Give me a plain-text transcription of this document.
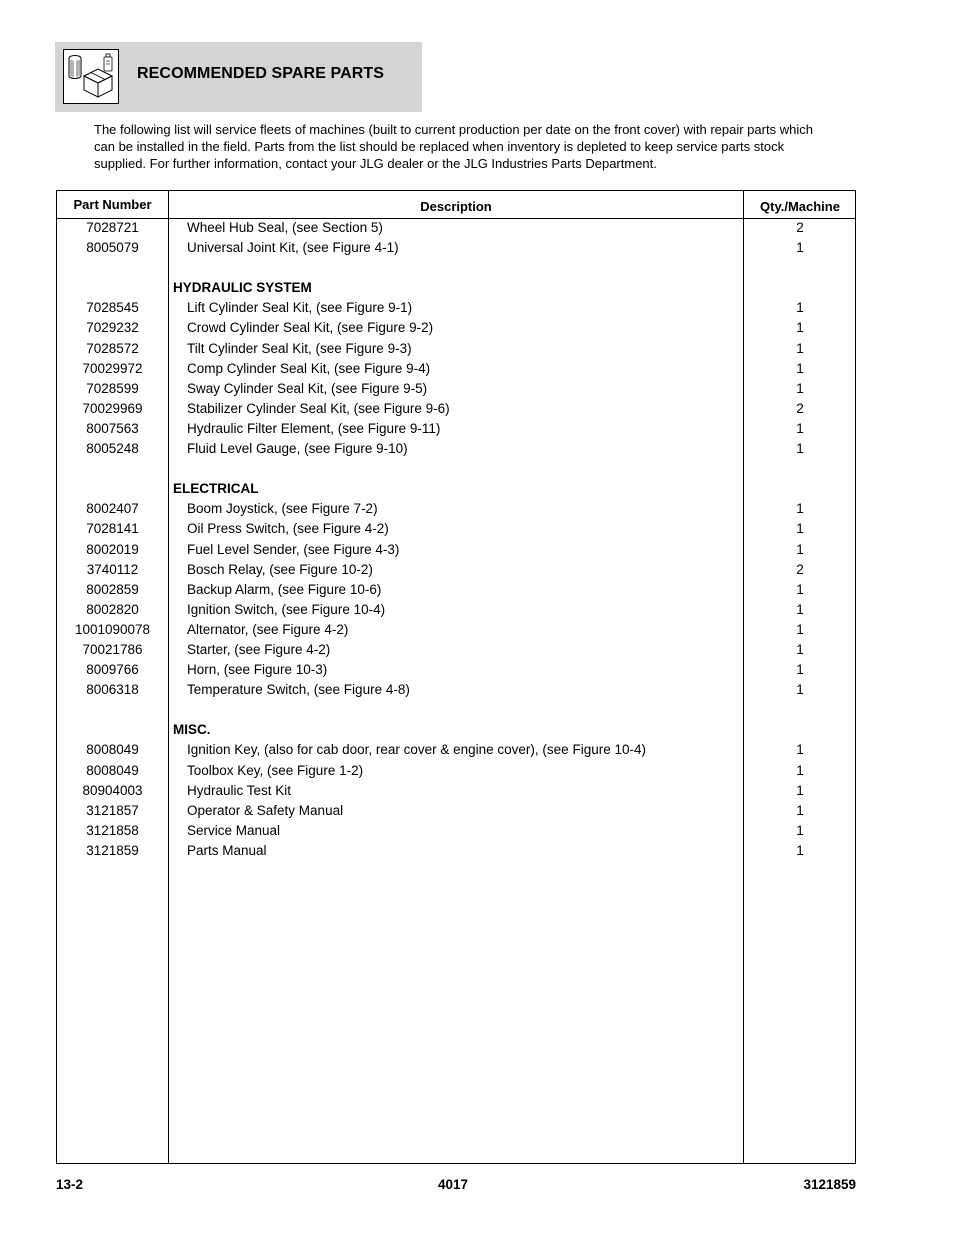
RECOMMENDED SPARE PARTS
The following list will service fleets of machines (built to current production per date on the front cover) with repair parts which can be installed in the field. Parts from the list should be replaced when inventory is depleted to keep service parts stock supplied. For further information, contact your JLG dealer or the JLG Industries Parts Department.
Part Number	Description	Qty./Machine
7028721	Wheel Hub Seal, (see Section 5)	2
8005079	Universal Joint Kit, (see Figure 4-1)	1
HYDRAULIC SYSTEM
7028545	Lift Cylinder Seal Kit, (see Figure 9-1)	1
7029232	Crowd Cylinder Seal Kit, (see Figure 9-2)	1
7028572	Tilt Cylinder Seal Kit, (see Figure 9-3)	1
70029972	Comp Cylinder Seal Kit, (see Figure 9-4)	1
7028599	Sway Cylinder Seal Kit, (see Figure 9-5)	1
70029969	Stabilizer Cylinder Seal Kit, (see Figure 9-6)	2
8007563	Hydraulic Filter Element, (see Figure 9-11)	1
8005248	Fluid Level Gauge, (see Figure 9-10)	1
ELECTRICAL
8002407	Boom Joystick, (see Figure 7-2)	1
7028141	Oil Press Switch, (see Figure 4-2)	1
8002019	Fuel Level Sender, (see Figure 4-3)	1
3740112	Bosch Relay, (see Figure 10-2)	2
8002859	Backup Alarm, (see Figure 10-6)	1
8002820	Ignition Switch, (see Figure 10-4)	1
1001090078	Alternator, (see Figure 4-2)	1
70021786	Starter, (see Figure 4-2)	1
8009766	Horn, (see Figure 10-3)	1
8006318	Temperature Switch, (see Figure 4-8)	1
MISC.
8008049	Ignition Key, (also for cab door, rear cover & engine cover), (see Figure 10-4)	1
8008049	Toolbox Key, (see Figure 1-2)	1
80904003	Hydraulic Test Kit	1
3121857	Operator & Safety Manual	1
3121858	Service Manual	1
3121859	Parts Manual	1
13-2	4017	3121859
